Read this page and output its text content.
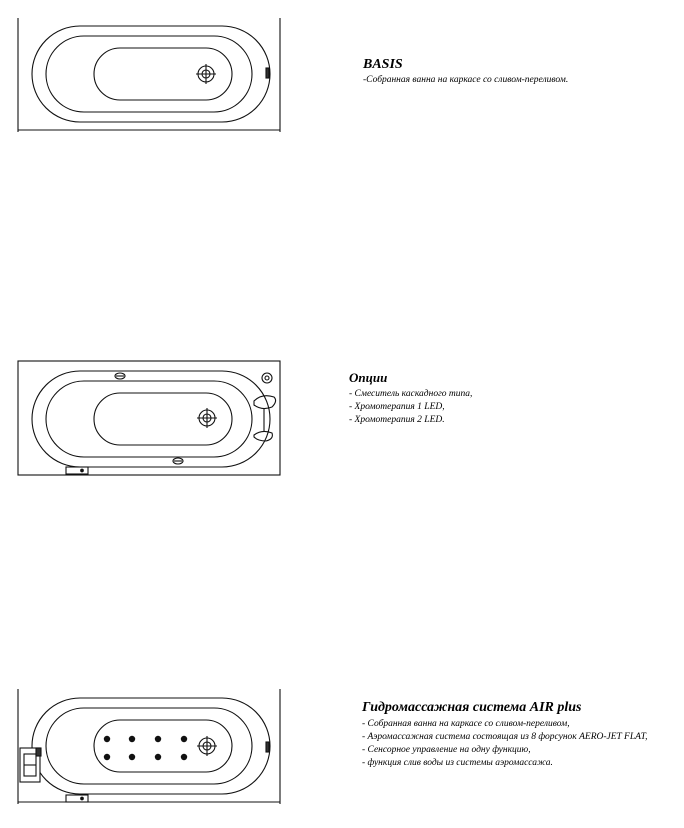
BASIS

-Собранная ванна на каркасе со сливом-переливом.

Опции

- Смеситель каскадного типа,

- Хромотерапия 1 LED,

- Хромотерапия 2 LED.

Гидромассажная система AIR plus

- Собранная ванна на каркасе со сливом-переливом,

- Аэромассажная система состоящая из 8 форсунок AERO-JET FLAT,

- Сенсорное управление на одну функцию,

- функция слив воды из системы аэромассажа.
